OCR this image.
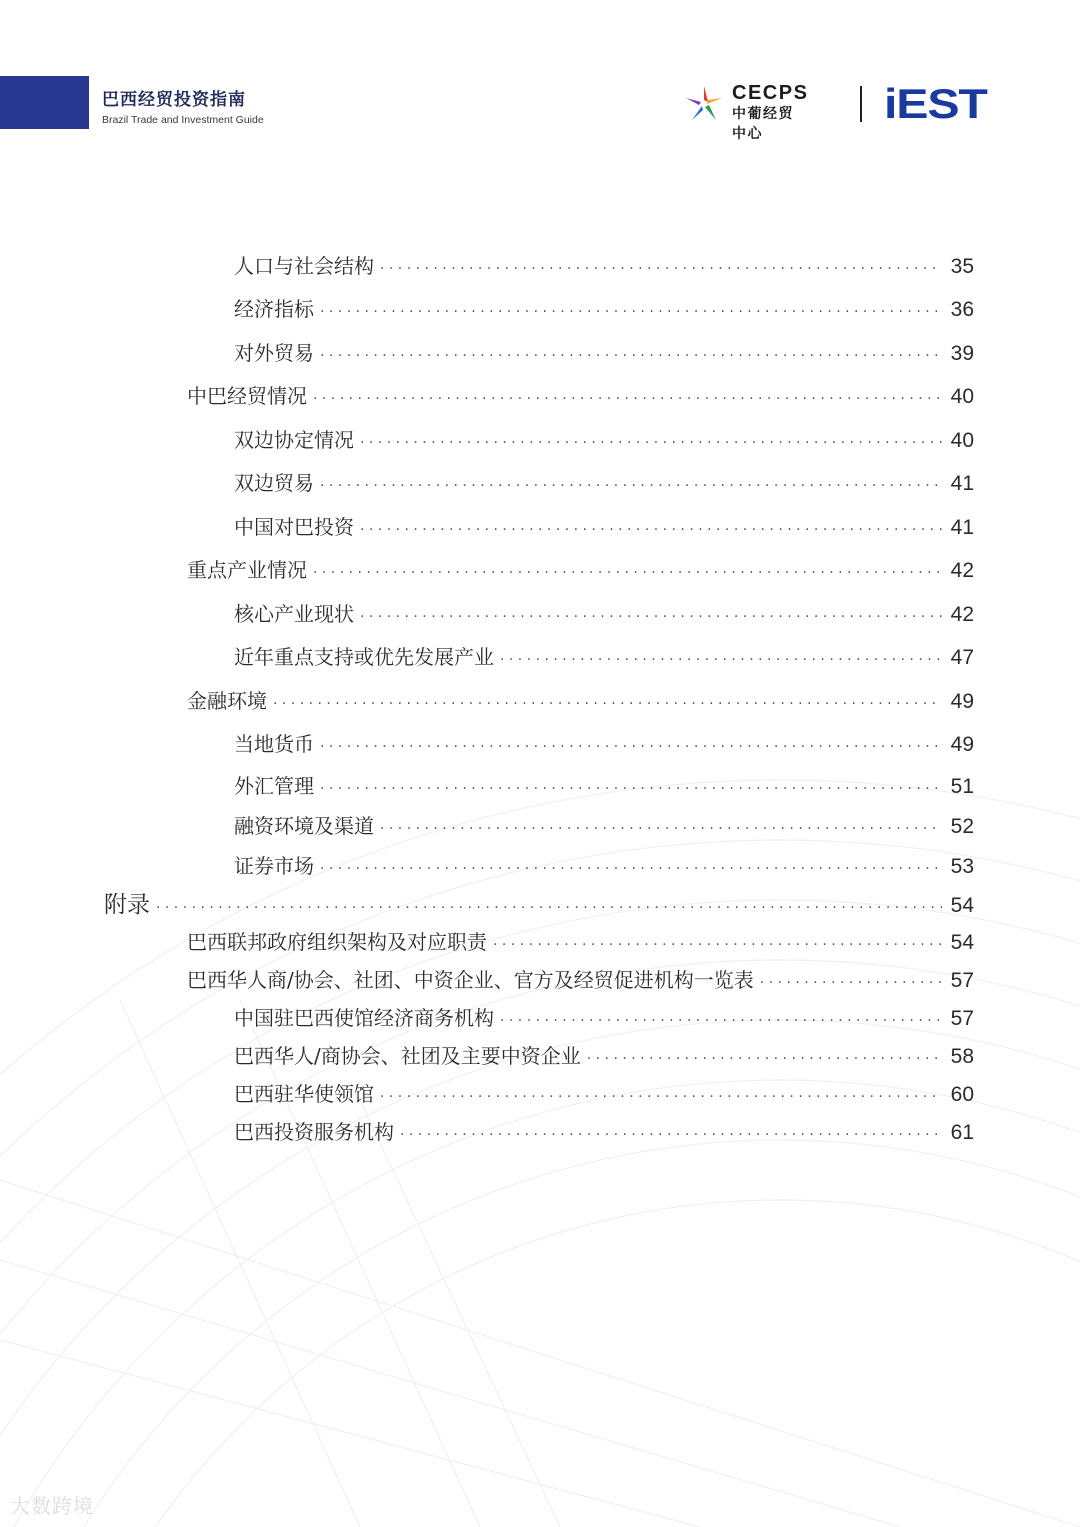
巴西经贸投资指南
Brazil Trade and Investment Guide
CECPS
中葡经贸中心
iEST
人口与社会结构 · · ·	35
经济指标 · · ·	36
对外贸易 · · ·	39
中巴经贸情况 · · ·	40
双边协定情况 · · ·	40
双边贸易 · · ·	41
中国对巴投资 · · ·	41
重点产业情况 · · ·	42
核心产业现状 · · ·	42
近年重点支持或优先发展产业 · · ·	47
金融环境 · · ·	49
当地货币 · · ·	49
外汇管理 · · ·	51
融资环境及渠道 · · ·	52
证券市场 · · ·	53
附录 · · ·	54
巴西联邦政府组织架构及对应职责 · · ·	54
巴西华人商/协会、社团、中资企业、官方及经贸促进机构一览表 · · ·	57
中国驻巴西使馆经济商务机构 · · ·	57
巴西华人/商协会、社团及主要中资企业 · · ·	58
巴西驻华使领馆 · · ·	60
巴西投资服务机构 · · ·	61
大数跨境
